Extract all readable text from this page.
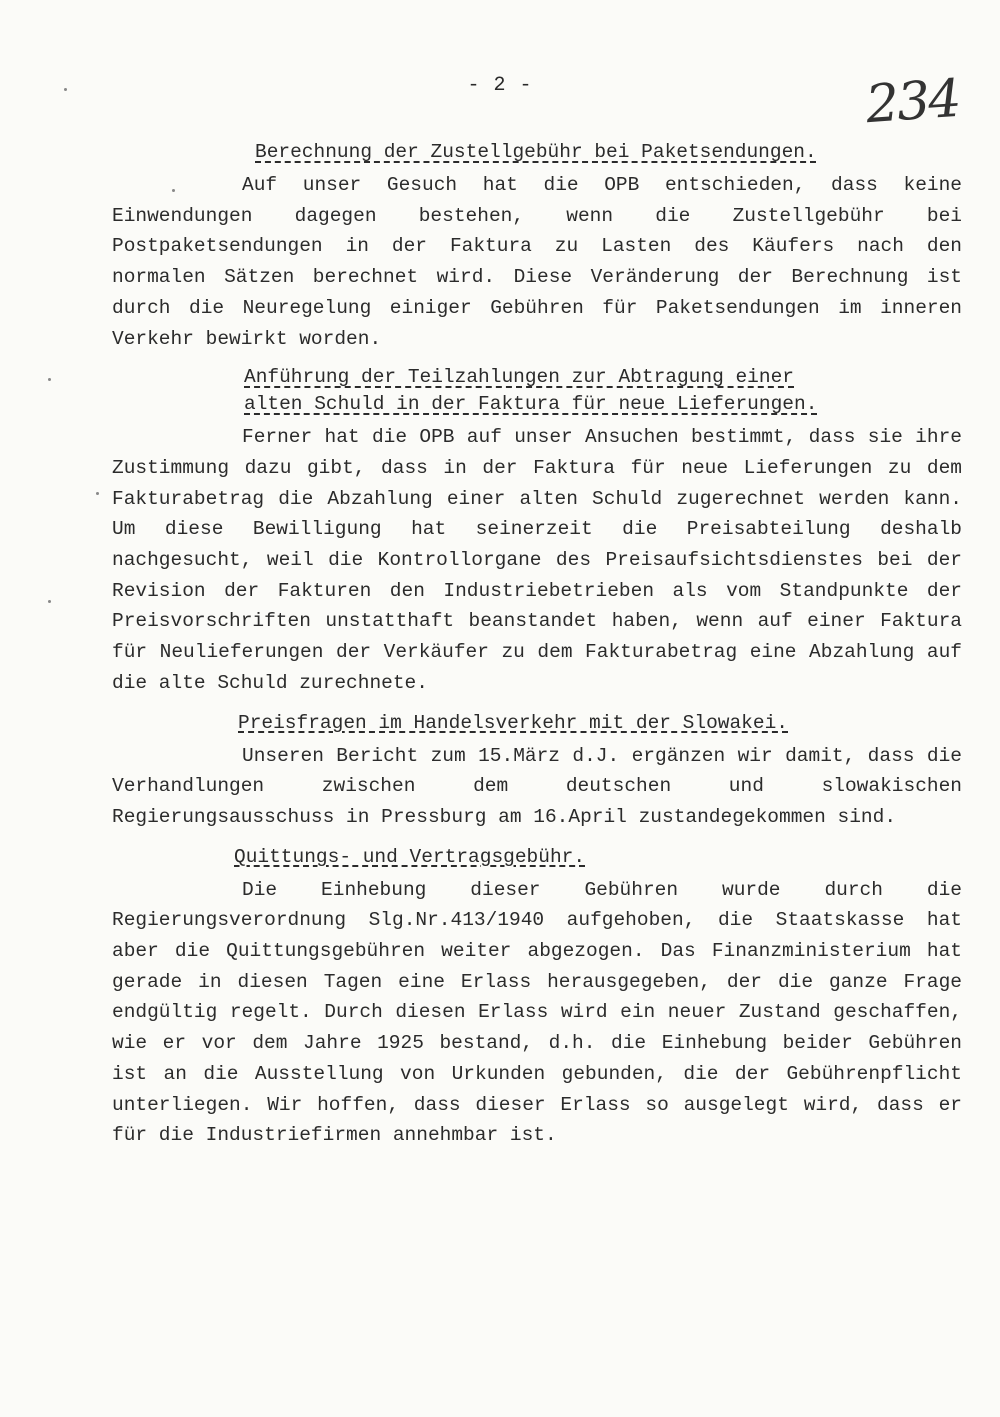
- 2 -	234

Berechnung der Zustellgebühr bei Paketsendungen.

Auf unser Gesuch hat die OPB entschieden, dass keine Einwendungen dagegen bestehen, wenn die Zustellgebühr bei Postpaketsendungen in der Faktura zu Lasten des Käufers nach den normalen Sätzen berechnet wird. Diese Veränderung der Berechnung ist durch die Neuregelung einiger Gebühren für Paketsendungen im inneren Verkehr bewirkt worden.

Anführung der Teilzahlungen zur Abtragung einer alten Schuld in der Faktura für neue Lieferungen.

Ferner hat die OPB auf unser Ansuchen bestimmt, dass sie ihre Zustimmung dazu gibt, dass in der Faktura für neue Lieferungen zu dem Fakturabetrag die Abzahlung einer alten Schuld zugerechnet werden kann. Um diese Bewilligung hat seinerzeit die Preisabteilung deshalb nachgesucht, weil die Kontrollorgane des Preisaufsichtsdienstes bei der Revision der Fakturen den Industriebetrieben als vom Standpunkte der Preisvorschriften unstatthaft beanstandet haben, wenn auf einer Faktura für Neulieferungen der Verkäufer zu dem Fakturabetrag eine Abzahlung auf die alte Schuld zurechnete.

Preisfragen im Handelsverkehr mit der Slowakei.

Unseren Bericht zum 15.März d.J. ergänzen wir damit, dass die Verhandlungen zwischen dem deutschen und slowakischen Regierungsausschuss in Pressburg am 16.April zustandegekommen sind.

Quittungs- und Vertragsgebühr.

Die Einhebung dieser Gebühren wurde durch die Regierungsverordnung Slg.Nr.413/1940 aufgehoben, die Staatskasse hat aber die Quittungsgebühren weiter abgezogen. Das Finanzministerium hat gerade in diesen Tagen eine Erlass herausgegeben, der die ganze Frage endgültig regelt. Durch diesen Erlass wird ein neuer Zustand geschaffen, wie er vor dem Jahre 1925 bestand, d.h. die Einhebung beider Gebühren ist an die Ausstellung von Urkunden gebunden, die der Gebührenpflicht unterliegen. Wir hoffen, dass dieser Erlass so ausgelegt wird, dass er für die Industriefirmen annehmbar ist.
